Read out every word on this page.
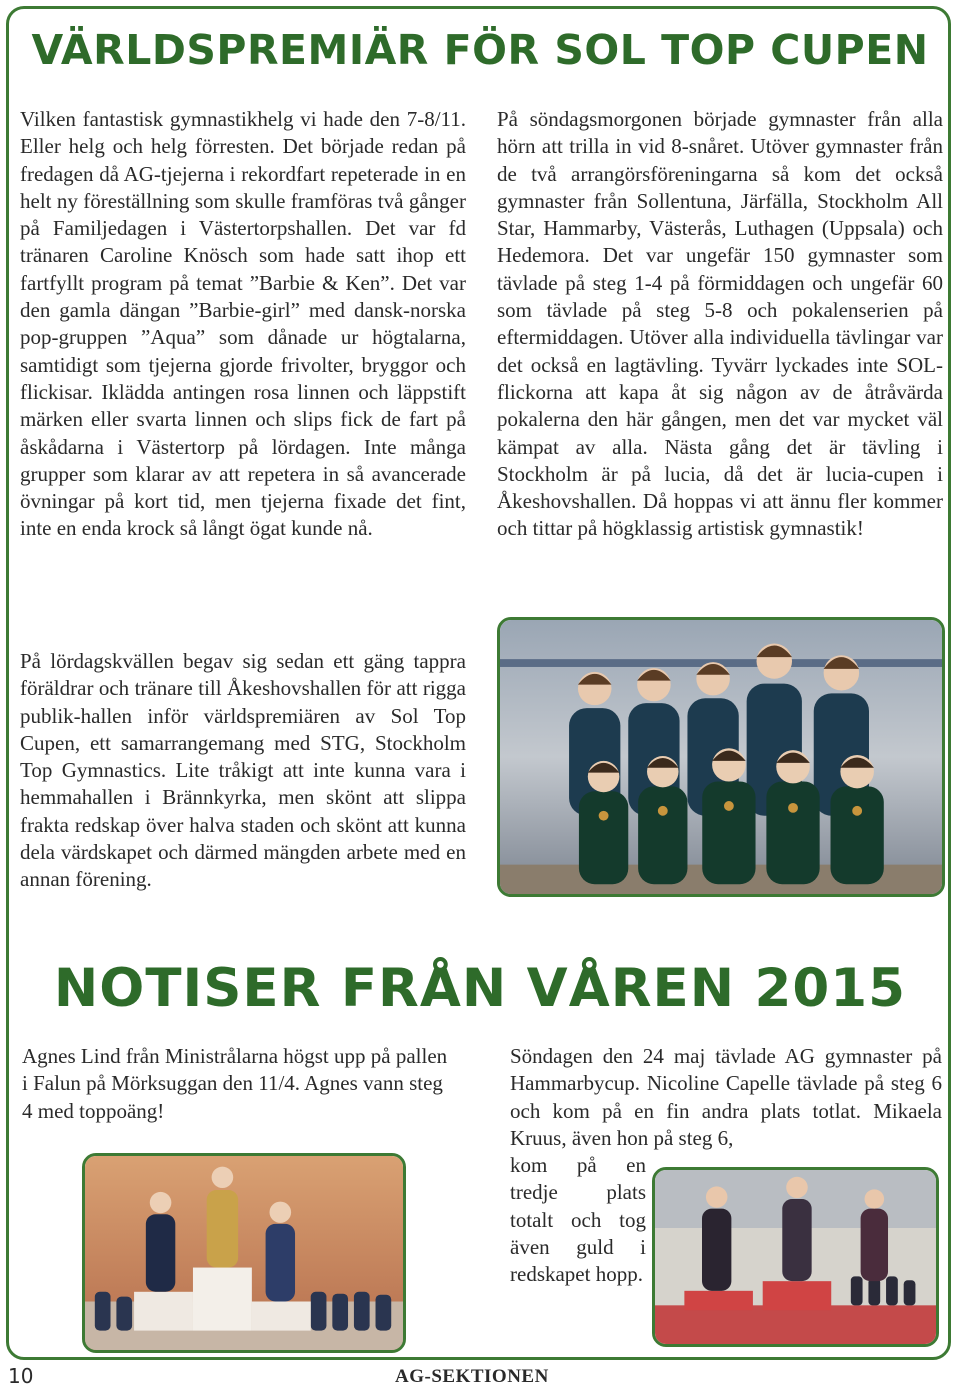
VÄRLDSPREMIÄR FÖR SOL TOP CUPEN

Vilken fantastisk gymnastikhelg vi hade den 7-8/11. Eller helg och helg förresten. Det började redan på fredagen då AG-tjejerna i rekordfart repeterade in en helt ny föreställning som skulle framföras två gånger på Familjedagen i Västertorpshallen. Det var fd tränaren Caroline Knösch som hade satt ihop ett fartfyllt program på temat ”Barbie & Ken”. Det var den gamla dängan ”Barbie-girl” med dansk-norska pop-gruppen ”Aqua” som dånade ur högtalarna, samtidigt som tjejerna gjorde frivolter, bryggor och flickisar. Iklädda antingen rosa linnen och läppstift märken eller svarta linnen och slips fick de fart på åskådarna i Västertorp på lördagen. Inte många grupper som klarar av att repetera in så avancerade övningar på kort tid, men tjejerna fixade det fint, inte en enda krock så långt ögat kunde nå.

På lördagskvällen begav sig sedan ett gäng tappra föräldrar och tränare till Åkeshovshallen för att rigga publik-hallen inför världspremiären av Sol Top Cupen, ett samarrangemang med STG, Stockholm Top Gymnastics. Lite tråkigt att inte kunna vara i hemmahallen i Brännkyrka, men skönt att slippa frakta redskap över halva staden och skönt att kunna dela värdskapet och därmed mängden arbete med en annan förening.

På söndagsmorgonen började gymnaster från alla hörn att trilla in vid 8-snåret. Utöver gymnaster från de två arrangörsföreningarna så kom det också gymnaster från Sollentuna, Järfälla, Stockholm All Star, Hammarby, Västerås, Luthagen (Uppsala) och Hedemora. Det var ungefär 150 gymnaster som tävlade på steg 1-4 på förmiddagen och ungefär 60 som tävlade på steg 5-8 och pokalenserien på eftermiddagen. Utöver alla individuella tävlingar var det också en lagtävling. Tyvärr lyckades inte SOL-flickorna att kapa åt sig någon av de åtråvärda pokalerna den här gången, men det var mycket väl kämpat av alla. Nästa gång det är tävling i Stockholm är på lucia, då det är lucia-cupen i Åkeshovshallen. Då hoppas vi att ännu fler kommer och tittar på högklassig artistisk gymnastik!

NOTISER FRÅN VÅREN 2015

Agnes Lind från Ministrålarna högst upp på pallen i Falun på Mörksuggan den 11/4. Agnes vann steg 4 med toppoäng!

Söndagen den 24 maj tävlade AG gymnaster på Hammarbycup. Nicoline Capelle tävlade på steg 6 och kom på en fin andra plats totlat. Mikaela Kruus, även hon på steg 6,

kom på en tredje plats totalt och tog även guld i redskapet hopp.

10	AG-SEKTIONEN
